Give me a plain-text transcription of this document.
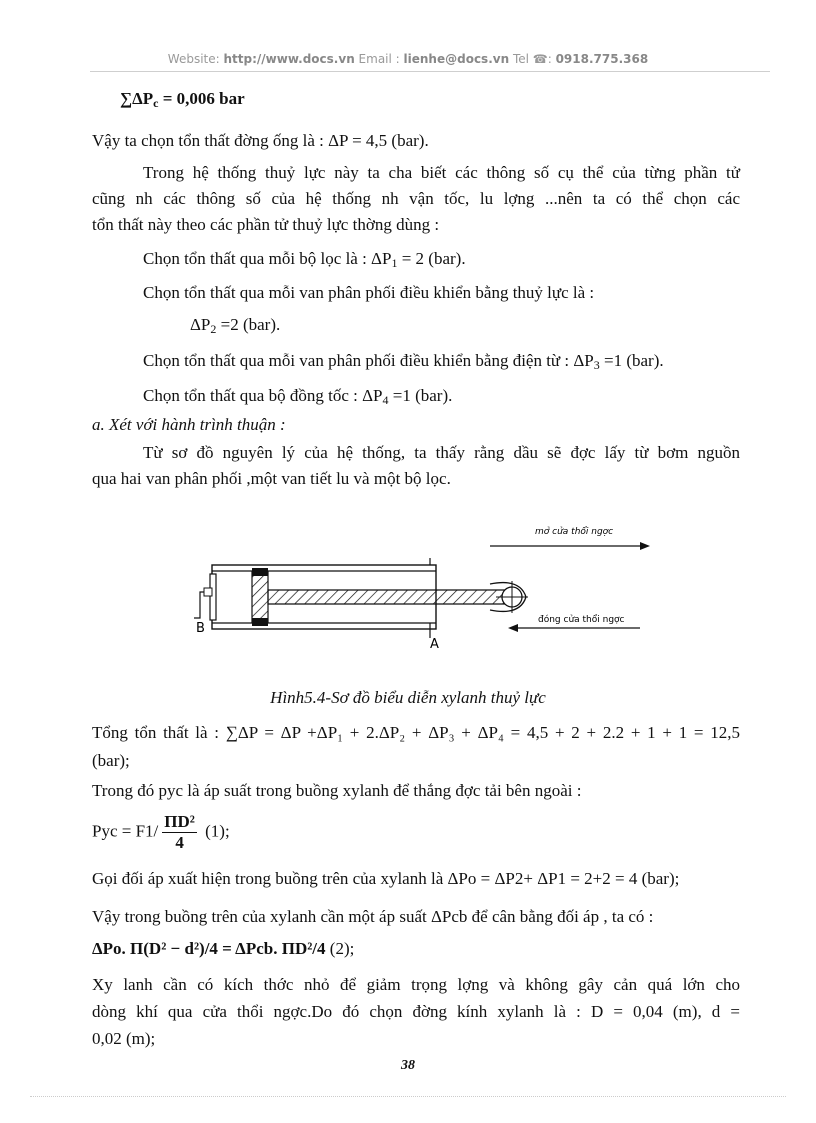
Website: http://www.docs.vn Email : lienhe@docs.vn Tel ☎: 0918.775.368
$\sum\Delta P_c = 0,006$ bar
Vậy ta chọn tổn thất đờng ống là : ΔP = 4,5 (bar).
Trong hệ thống thuỷ lực này ta cha biết các thông số cụ thể của từng phần tử
cũng nh các thông số của hệ thống nh vận tốc, lu lợng ...nên ta có thể chọn các
tổn thất này theo các phần tử thuỷ lực thờng dùng :
Chọn tổn thất qua mỗi bộ lọc là : $\Delta P_1 = 2$ (bar).
Chọn tổn thất qua mỗi van phân phối điều khiển bằng thuỷ lực là :
$\Delta P_2 =2$ (bar).
Chọn tổn thất qua mỗi van phân phối điều khiển bằng điện từ : $\Delta P_3 =1$ (bar).
Chọn tổn thất qua bộ đồng tốc : $\Delta P_4 =1$ (bar).
a. Xét với hành trình thuận :
Từ sơ đồ nguyên lý của hệ thống, ta thấy rằng dầu sẽ đợc lấy từ bơm nguồn
qua hai van phân phối ,một van tiết lu và một bộ lọc.
B
A
mở cửa thổi ngợc
đóng cửa thổi ngợc
Hình5.4-Sơ đồ biểu diễn xylanh thuỷ lực
Tổng tổn thất là : ∑ΔP = ΔP +ΔP₁ + 2.ΔP₂ + ΔP₃ + ΔP₄ = 4,5 + 2 + 2.2 + 1 + 1 = 12,5
(bar);
Trong đó pyc là áp suất trong buồng xylanh để thắng đợc tải bên ngoài :
Pyc = $F1/ \frac{\text{ΠD²}}{4} (1)$;
Gọi đối áp xuất hiện trong buồng trên của xylanh là ΔPo = ΔP2+ ΔP1 = 2+2 = 4 (bar);
Vậy trong buồng trên của xylanh cần một áp suất ΔPcb để cân bằng đối áp , ta có :
ΔPo. Π(D² − d²)/4 = ΔPcb. ΠD²/4 (2);
Xy lanh cần có kích thớc nhỏ để giảm trọng lợng và không gây cản quá lớn cho
dòng khí qua cửa thổi ngợc.Do đó chọn đờng kính xylanh là : D = 0,04 (m), d =
0,02 (m);
38
